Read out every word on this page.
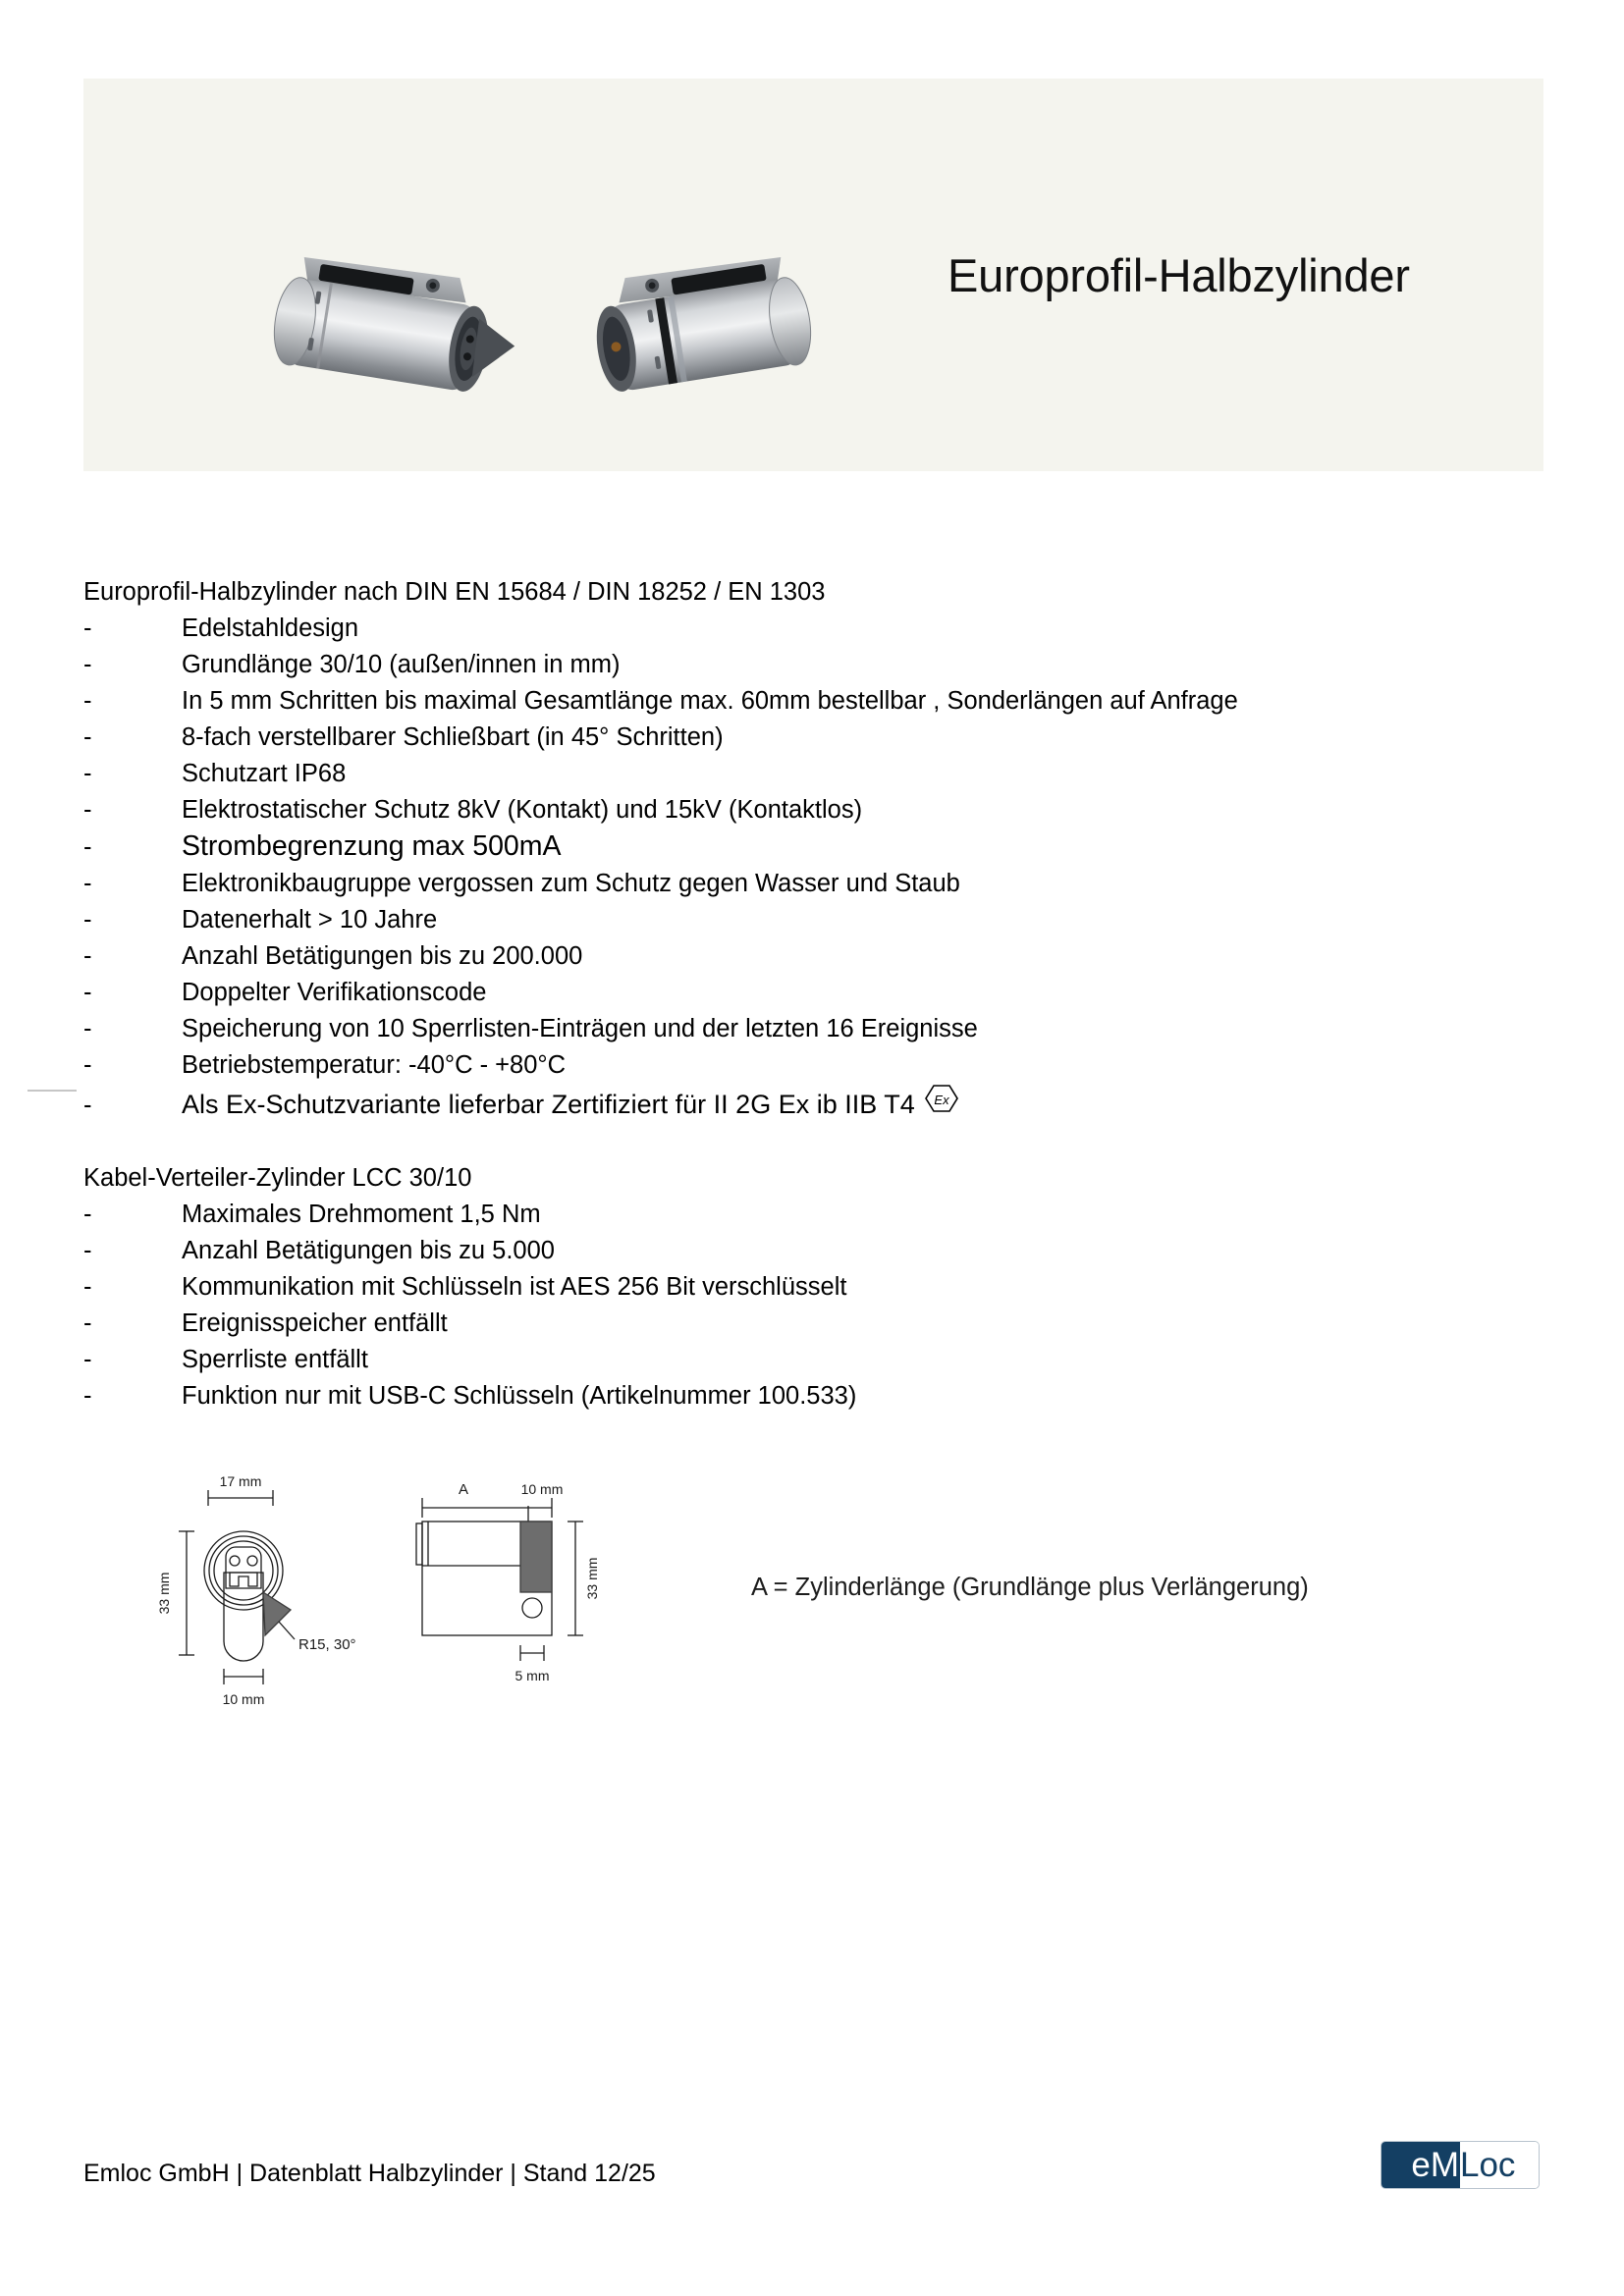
Europrofil-Halbzylinder
Europrofil-Halbzylinder nach DIN EN 15684 / DIN 18252 / EN 1303
-	Edelstahldesign
-	Grundlänge 30/10 (außen/innen in mm)
-	In 5 mm Schritten bis maximal Gesamtlänge max. 60mm bestellbar , Sonderlängen auf Anfrage
-	8-fach verstellbarer Schließbart (in 45° Schritten)
-	Schutzart IP68
-	Elektrostatischer Schutz 8kV (Kontakt) und 15kV (Kontaktlos)
-	Strombegrenzung max 500mA
-	Elektronikbaugruppe vergossen zum Schutz gegen Wasser und Staub
-	Datenerhalt > 10 Jahre
-	Anzahl Betätigungen bis zu 200.000
-	Doppelter Verifikationscode
-	Speicherung von 10 Sperrlisten-Einträgen und der letzten 16 Ereignisse
-	Betriebstemperatur: -40°C - +80°C
-	Als Ex-Schutzvariante lieferbar Zertifiziert für II 2G Ex ib IIB T4 Ex
Kabel-Verteiler-Zylinder LCC 30/10
-	Maximales Drehmoment 1,5 Nm
-	Anzahl Betätigungen bis zu 5.000
-	Kommunikation mit Schlüsseln ist AES 256 Bit verschlüsselt
-	Ereignisspeicher entfällt
-	Sperrliste entfällt
-	Funktion nur mit USB-C Schlüsseln (Artikelnummer 100.533)
17 mm
33 mm
10 mm
R15, 30°
A	10 mm
33 mm
5 mm
A = Zylinderlänge (Grundlänge plus Verlängerung)
Emloc GmbH | Datenblatt Halbzylinder | Stand 12/25	eM Loc
